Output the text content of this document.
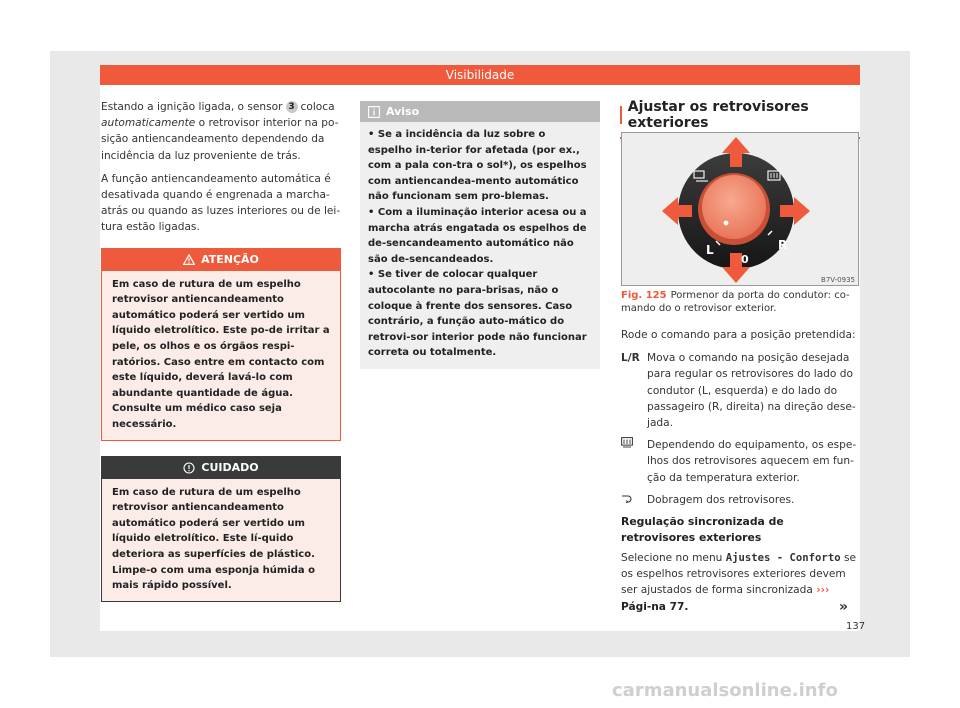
Visibilidade

Estando a ignição ligada, o sensor 3 coloca automaticamente o retrovisor interior na po-sição antiencandeamento dependendo da incidência da luz proveniente de trás.

A função antiencandeamento automática é desativada quando é engrenada a marcha-atrás ou quando as luzes interiores ou de lei-tura estão ligadas.

ATENÇÃO
Em caso de rutura de um espelho retrovisor antiencandeamento automático poderá ser vertido um líquido eletrolítico. Este po-de irritar a pele, os olhos e os órgãos respi-ratórios. Caso entre em contacto com este líquido, deverá lavá-lo com abundante quantidade de água. Consulte um médico caso seja necessário.
CUIDADO
Em caso de rutura de um espelho retrovisor antiencandeamento automático poderá ser vertido um líquido eletrolítico. Este lí-quido deteriora as superfícies de plástico. Limpe-o com uma esponja húmida o mais rápido possível.
Aviso

• Se a incidência da luz sobre o espelho in-terior for afetada (por ex., com a pala con-tra o sol*), os espelhos com antiencandea-mento automático não funcionam sem pro-blemas.

• Com a iluminação interior acesa ou a marcha atrás engatada os espelhos de de-sencandeamento automático não são de-sencandeados.

• Se tiver de colocar qualquer autocolante no para-brisas, não o coloque à frente dos sensores. Caso contrário, a função auto-mático do retrovi-sor interior pode não funcionar correta ou totalmente.

Ajustar os retrovisores exteriores
L
0
R
B7V-0935
Fig. 125 Pormenor da porta do condutor: co-mando do o retrovisor exterior.

Rode o comando para a posição pretendida:

L/R Mova o comando na posição desejada para regular os retrovisores do lado do condutor (L, esquerda) e do lado do passageiro (R, direita) na direção dese-jada.
Dependendo do equipamento, os espe-lhos dos retrovisores aquecem em fun-ção da temperatura exterior.
Dobragem dos retrovisores.

Regulação sincronizada de retrovisores exteriores

Selecione no menu Ajustes - Conforto se os espelhos retrovisores exteriores devem ser ajustados de forma sincronizada ››› Pági-na 77.	»
137
carmanualsonline.info
